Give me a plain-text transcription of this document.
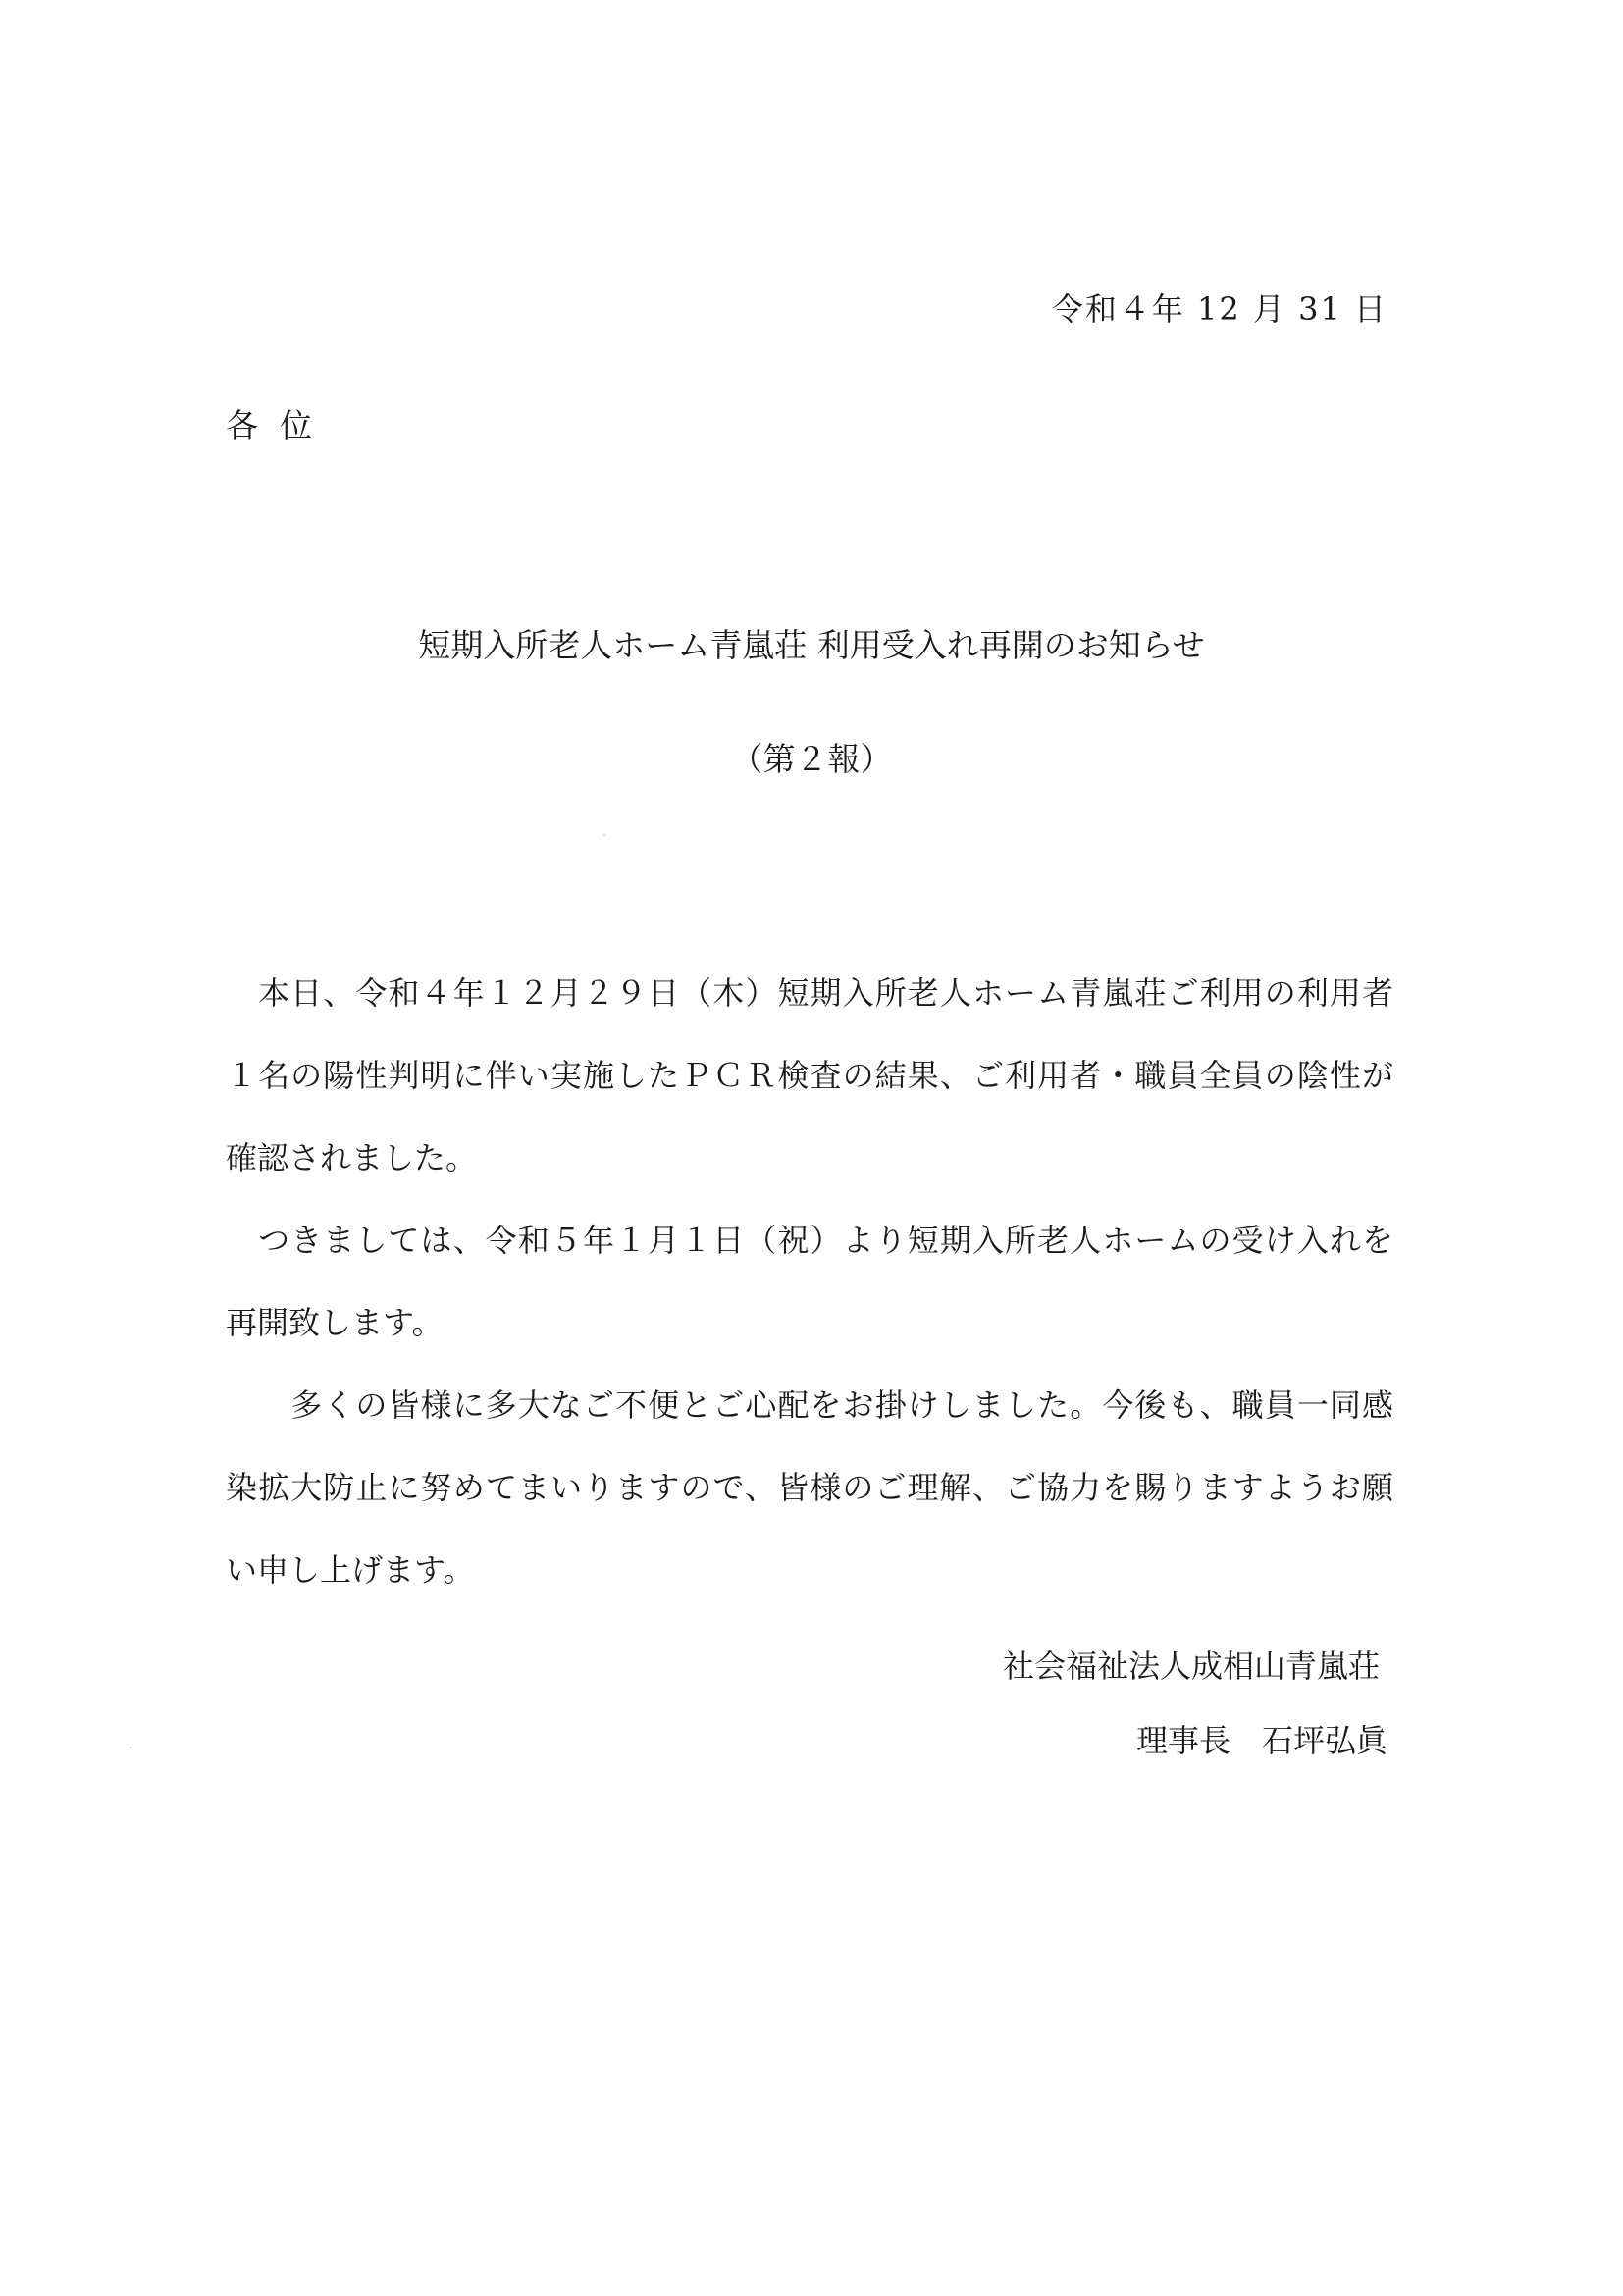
令和４年 12 月 31 日
各位
短期入所老人ホーム青嵐荘 利用受入れ再開のお知らせ
（第２報）
　本日、令和４年１２月２９日（木）短期入所老人ホーム青嵐荘ご利用の利用者
１名の陽性判明に伴い実施したＰＣＲ検査の結果、ご利用者・職員全員の陰性が
確認されました。
　つきましては、令和５年１月１日（祝）より短期入所老人ホームの受け入れを
再開致します。
　　多くの皆様に多大なご不便とご心配をお掛けしました。今後も、職員一同感
染拡大防止に努めてまいりますので、皆様のご理解、ご協力を賜りますようお願
い申し上げます。
社会福祉法人成相山青嵐荘
理事長　石坪弘眞
